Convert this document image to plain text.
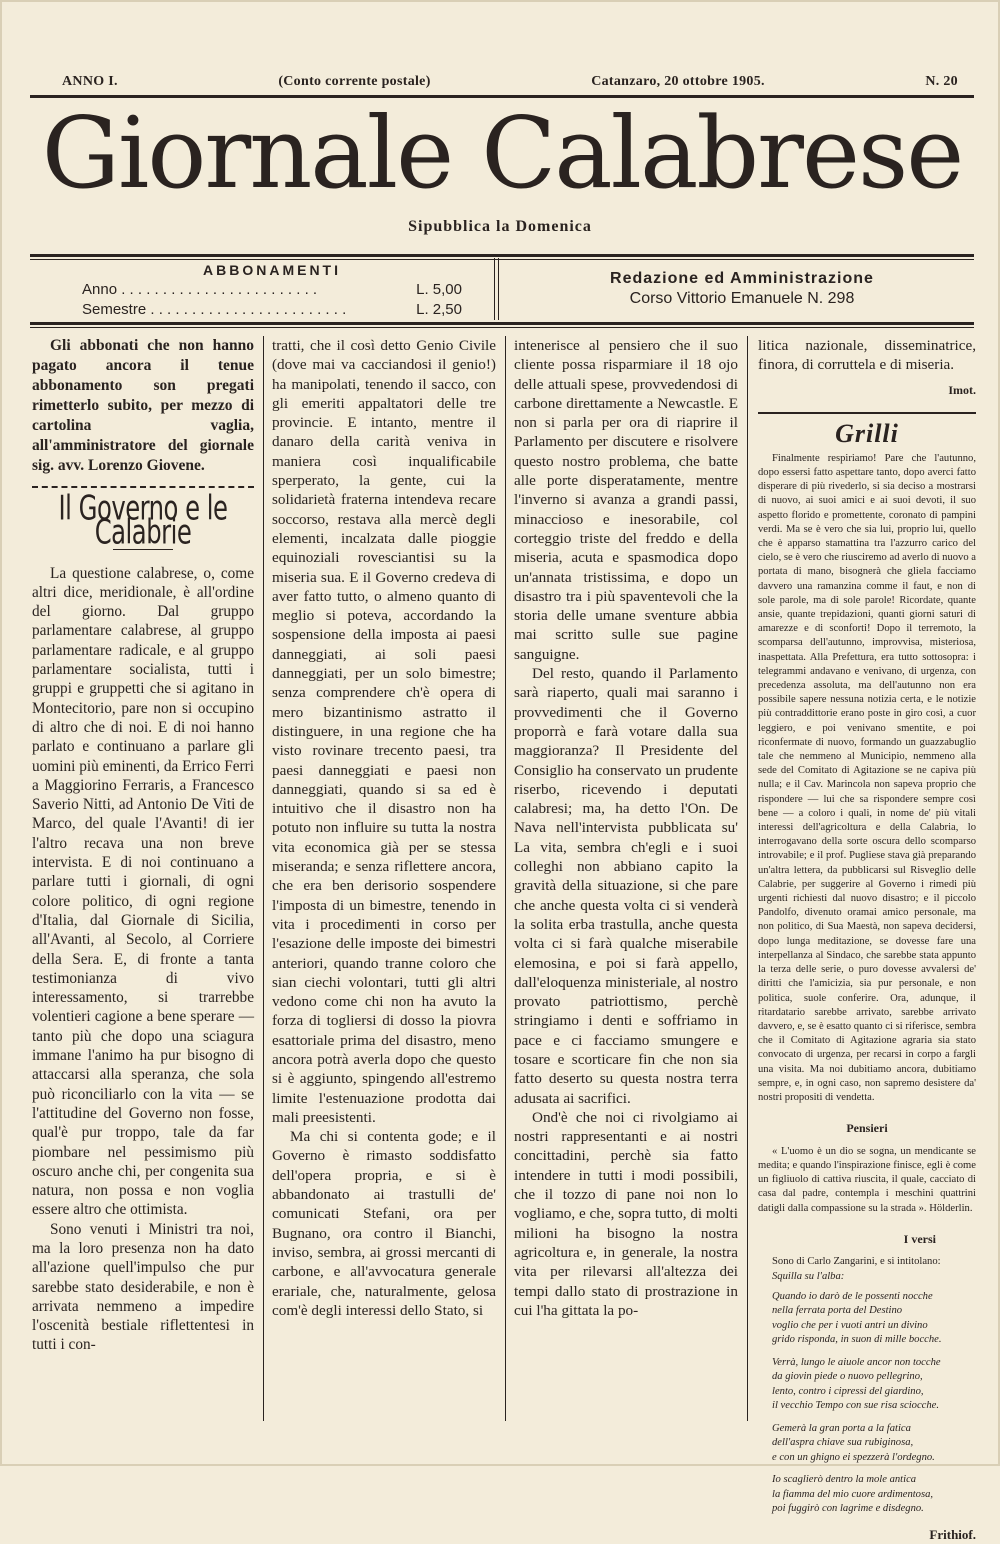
ANNO I.	(Conto corrente postale)	Catanzaro, 20 ottobre 1905.	N. 20
Giornale Calabrese
Sipubblica la Domenica
ABBONAMENTI
Anno . . .	L. 5,00
Semestre . . .	L. 2,50
Redazione ed Amministrazione
Corso Vittorio Emanuele N. 298

Gli abbonati che non hanno pagato ancora il tenue abbonamento son pregati rimetterlo subito, per mezzo di cartolina vaglia, all'amministratore del giornale sig. avv. Lorenzo Giovene.

Il Governo e le Calabrie

La questione calabrese, o, come altri dice, meridionale, è all'ordine del giorno. Dal gruppo parlamentare calabrese, al gruppo parlamentare radicale, e al gruppo parlamentare socialista, tutti i gruppi e gruppetti che si agitano in Montecitorio, pare non si occupino di altro che di noi. E di noi hanno parlato e continuano a parlare gli uomini più eminenti, da Errico Ferri a Maggiorino Ferraris, a Francesco Saverio Nitti, ad Antonio De Viti de Marco, del quale l'Avanti! di ier l'altro recava una non breve intervista. E di noi continuano a parlare tutti i giornali, di ogni colore politico, di ogni regione d'Italia, dal Giornale di Sicilia, all'Avanti, al Secolo, al Corriere della Sera. E, di fronte a tanta testimonianza di vivo interessamento, si trarrebbe volentieri cagione a bene sperare — tanto più che dopo una sciagura immane l'animo ha pur bisogno di attaccarsi alla speranza, che sola può riconciliarlo con la vita — se l'attitudine del Governo non fosse, qual'è pur troppo, tale da far piombare nel pessimismo più oscuro anche chi, per congenita sua natura, non possa e non voglia essere altro che ottimista.

Sono venuti i Ministri tra noi, ma la loro presenza non ha dato all'azione quell'impulso che pur sarebbe stato desiderabile, e non è arrivata nemmeno a impedire l'oscenità bestiale riflettentesi in tutti i con-

tratti, che il così detto Genio Civile (dove mai va cacciandosi il genio!) ha manipolati, tenendo il sacco, con gli emeriti appaltatori delle tre provincie. E intanto, mentre il danaro della carità veniva in maniera così inqualificabile sperperato, la gente, cui la solidarietà fraterna intendeva recare soccorso, restava alla mercè degli elementi, incalzata dalle pioggie equinoziali rovesciantisi su la miseria sua. E il Governo credeva di aver fatto tutto, o almeno quanto di meglio si poteva, accordando la sospensione della imposta ai paesi danneggiati, ai soli paesi danneggiati, per un solo bimestre; senza comprendere ch'è opera di mero bizantinismo astratto il distinguere, in una regione che ha visto rovinare trecento paesi, tra paesi danneggiati e paesi non danneggiati, quando si sa ed è intuitivo che il disastro non ha potuto non influire su tutta la nostra vita economica già per se stessa miseranda; e senza riflettere ancora, che era ben derisorio sospendere l'imposta di un bimestre, tenendo in vita i procedimenti in corso per l'esazione delle imposte dei bimestri anteriori, quando tranne coloro che sian ciechi volontari, tutti gli altri vedono come chi non ha avuto la forza di togliersi di dosso la piovra esattoriale prima del disastro, meno ancora potrà averla dopo che questo si è aggiunto, spingendo all'estremo limite l'estenuazione prodotta dai mali preesistenti.

Ma chi si contenta gode; e il Governo è rimasto soddisfatto dell'opera propria, e si è abbandonato ai trastulli de' comunicati Stefani, ora per Bugnano, ora contro il Bianchi, inviso, sembra, ai grossi mercanti di carbone, e all'avvocatura generale erariale, che, naturalmente, gelosa com'è degli interessi dello Stato, si

intenerisce al pensiero che il suo cliente possa risparmiare il 18 ojo delle attuali spese, provvedendosi di carbone direttamente a Newcastle. E non si parla per ora di riaprire il Parlamento per discutere e risolvere questo nostro problema, che batte alle porte disperatamente, mentre l'inverno si avanza a grandi passi, minaccioso e inesorabile, col corteggio triste del freddo e della miseria, acuta e spasmodica dopo un'annata tristissima, e dopo un disastro tra i più spaventevoli che la storia delle umane sventure abbia mai scritto sulle sue pagine sanguigne.

Del resto, quando il Parlamento sarà riaperto, quali mai saranno i provvedimenti che il Governo proporrà e farà votare dalla sua maggioranza? Il Presidente del Consiglio ha conservato un prudente riserbo, ricevendo i deputati calabresi; ma, ha detto l'On. De Nava nell'intervista pubblicata su' La vita, sembra ch'egli e i suoi colleghi non abbiano capito la gravità della situazione, si che pare che anche questa volta ci si venderà la solita erba trastulla, anche questa volta ci si farà qualche miserabile elemosina, e poi si farà appello, dall'eloquenza ministeriale, al nostro provato patriottismo, perchè stringiamo i denti e soffriamo in pace e ci facciamo smungere e tosare e scorticare fin che non sia fatto deserto su questa nostra terra adusata ai sacrifici.

Ond'è che noi ci rivolgiamo ai nostri rappresentanti e ai nostri concittadini, perchè sia fatto intendere in tutti i modi possibili, che il tozzo di pane noi non lo vogliamo, e che, sopra tutto, di molti milioni ha bisogno la nostra agricoltura e, in generale, la nostra vita per rilevarsi all'altezza dei tempi dallo stato di prostrazione in cui l'ha gittata la po-

litica nazionale, disseminatrice, finora, di corruttela e di miseria.

Imot.
Grilli

Finalmente respiriamo! Pare che l'autunno, dopo essersi fatto aspettare tanto, dopo averci fatto disperare di più rivederlo, si sia deciso a mostrarsi di nuovo, ai suoi amici e ai suoi devoti, il suo aspetto florido e promettente, coronato di pampini verdi. Ma se è vero che sia lui, proprio lui, quello che è apparso stamattina tra l'azzurro carico del cielo, se è vero che riusciremo ad averlo di nuovo a portata di mano, bisognerà che gliela facciamo davvero una ramanzina comme il faut, e non di sole parole, ma di sole parole! Ricordate, quante ansie, quante trepidazioni, quanti giorni saturi di amarezze e di sconforti! Dopo il terremoto, la scomparsa dell'autunno, improvvisa, misteriosa, inaspettata. Alla Prefettura, era tutto sottosopra: i telegrammi andavano e venivano, di urgenza, con precedenza assoluta, ma dell'autunno non era possibile sapere nessuna notizia certa, e le notizie più contraddittorie erano poste in giro così, a cuor leggiero, e poi venivano smentite, e poi riconfermate di nuovo, formando un guazzabuglio tale che nemmeno al Municipio, nemmeno alla sede del Comitato di Agitazione se ne capiva più nulla; e il Cav. Marincola non sapeva proprio che rispondere — lui che sa rispondere sempre così bene — a coloro i quali, in nome de' più vitali interessi dell'agricoltura e della Calabria, lo interrogavano della sorte oscura dello scomparso introvabile; e il prof. Pugliese stava già preparando un'altra lettera, da pubblicarsi sul Risveglio delle Calabrie, per suggerire al Governo i rimedi più urgenti richiesti dal nuovo disastro; e il piccolo Pandolfo, divenuto oramai amico personale, ma non politico, di Sua Maestà, non sapeva decidersi, dopo lunga meditazione, se dovesse fare una interpellanza al Sindaco, che sarebbe stata appunto la terza delle serie, o puro dovesse avvalersi de' diritti che l'amicizia, sia pur personale, e non politica, suole conferire. Ora, adunque, il ritardatario sarebbe arrivato, sarebbe arrivato davvero, e, se è esatto quanto ci si riferisce, sembra che il Comitato di Agitazione agraria sia stato convocato di urgenza, per recarsi in corpo a fargli una visita. Ma noi dubitiamo ancora, dubitiamo sempre, e, in ogni caso, non sapremo desistere da' nostri propositi di vendetta.

Pensieri

« L'uomo è un dio se sogna, un mendicante se medita; e quando l'inspirazione finisce, egli è come un figliuolo di cattiva riuscita, il quale, cacciato di casa dal padre, contempla i meschini quattrini datigli dalla compassione su la strada ». Hölderlin.

I versi

Sono di Carlo Zangarini, e si intitolano:

Squilla su l'alba:

Quando io darò de le possenti nocche
nella ferrata porta del Destino
voglio che per i vuoti antri un divino
grido risponda, in suon di mille bocche.
Verrà, lungo le aiuole ancor non tocche
da giovin piede o nuovo pellegrino,
lento, contro i cipressi del giardino,
il vecchio Tempo con sue risa sciocche.
Gemerà la gran porta a la fatica
dell'aspra chiave sua rubiginosa,
e con un ghigno ei spezzerà l'ordegno.
Io scaglierò dentro la mole antica
la fiamma del mio cuore ardimentosa,
poi fuggirò con lagrime e disdegno.
Frithiof.
